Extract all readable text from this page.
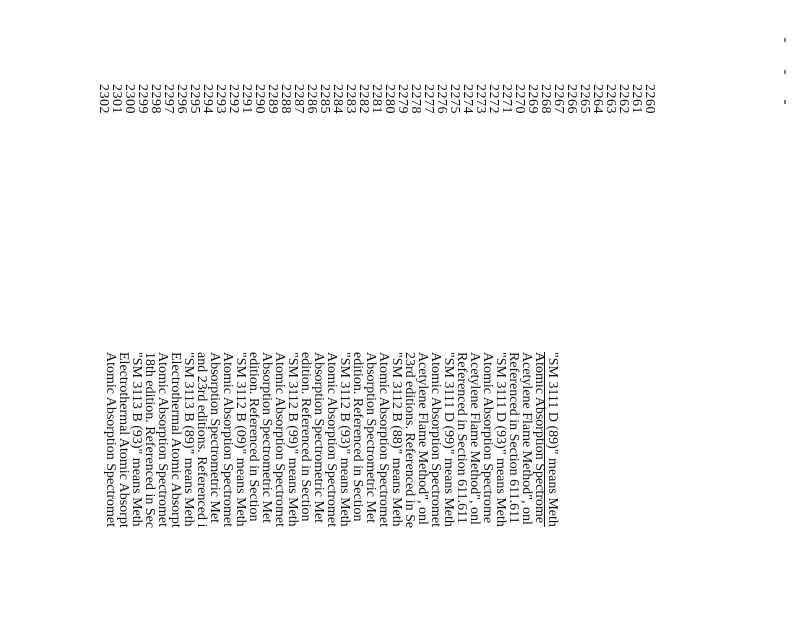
2260
2261
2262
2263
2264
2265
2266
2267
2268
2269
2270
2271
2272
2273
2274
2275
2276
2277
2278
2279
2280
2281
2282
2283
2284
2285
2286
2287
2288
2289
2290
2291
2292
2293
2294
2295
2296
2297
2298
2299
2300
2301
2302
"SM 3111 D (89)" means Meth
Atomic Absorption Spectrome
Acetylene Flame Method", onl
Referenced in Section 611.611
"SM 3111 D (93)" means Meth
Atomic Absorption Spectrome
Acetylene Flame Method", onl
Referenced in Section 611.611
"SM 3111 D (99)" means Meth
Atomic Absorption Spectromet
Acetylene Flame Method", onl
23rd editions. Referenced in Se
"SM 3112 B (88)" means Meth
Atomic Absorption Spectromet
Absorption Spectrometric Met
edition. Referenced in Section
"SM 3112 B (93)" means Meth
Atomic Absorption Spectromet
Absorption Spectrometric Met
edition. Referenced in Section
"SM 3112 B (99)" means Meth
Atomic Absorption Spectromet
Absorption Spectrometric Met
edition. Referenced in Section
"SM 3112 B (09)" means Meth
Atomic Absorption Spectromet
Absorption Spectrometric Met
and 23rd editions. Referenced i
"SM 3113 B (89)" means Meth
Electrothermal Atomic Absorpt
Atomic Absorption Spectromet
18th edition. Referenced in Sec
"SM 3113 B (93)" means Meth
Electrothermal Atomic Absorpt
Atomic Absorption Spectromet
